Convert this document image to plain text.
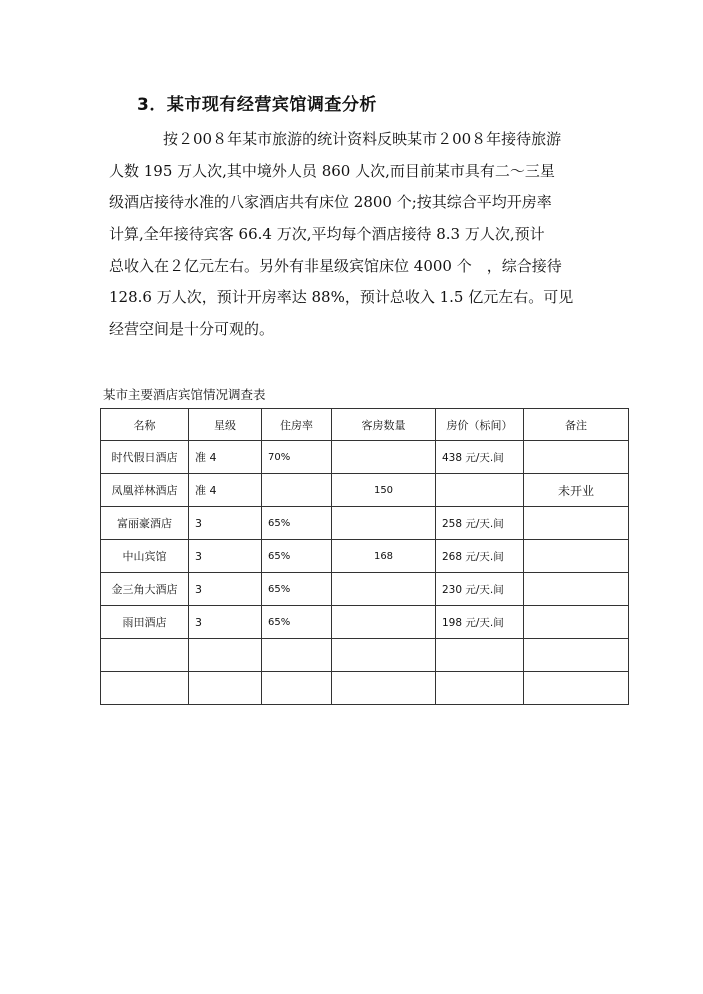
3．某市现有经营宾馆调查分析
按２00８年某市旅游的统计资料反映某市２00８年接待旅游
人数 195 万人次,其中境外人员 860 人次,而目前某市具有二～三星
级酒店接待水准的八家酒店共有床位 2800 个;按其综合平均开房率
计算,全年接待宾客 66.4 万次,平均每个酒店接待 8.3 万人次,预计
总收入在２亿元左右。另外有非星级宾馆床位 4000 个　，综合接待
128.6 万人次，预计开房率达 88%，预计总收入 1.5 亿元左右。可见
经营空间是十分可观的。
某市主要酒店宾馆情况调查表
名称	星级	住房率	客房数量	房价（标间）	备注
时代假日酒店	准 4	70%		438 元/天.间	
凤凰祥林酒店	准 4		150		未开业
富丽豪酒店	3	65%		258 元/天.间	
中山宾馆	3	65%	168	268 元/天.间	
金三角大酒店	3	65%		230 元/天.间	
雨田酒店	3	65%		198 元/天.间	
